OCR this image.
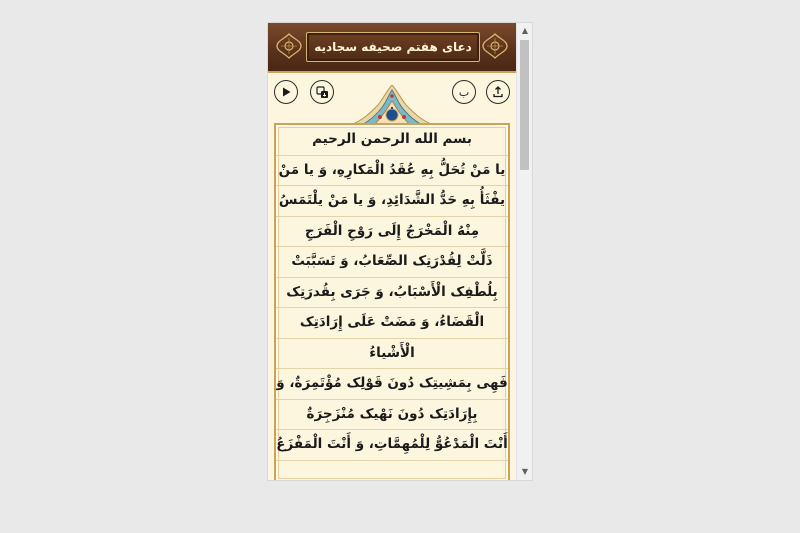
دعای هفتم صحیفه سجادیه
ب
بسم الله الرحمن الرحیم
يا مَنْ تُحَلُّ بِهِ عُقَدُ الْمَكارِهِ، وَ يا مَنْ
يفْثَأُ بِهِ حَدُّ الشَّدَائِدِ، وَ يا مَنْ يلْتَمَسُ
مِنْهُ الْمَخْرَجُ إِلَى رَوْحِ الْفَرَجِ
ذَلَّتْ لِقُدْرَتِک الصِّعَابُ، وَ تَسَبَّبَتْ
بِلُطْفِک الْأَسْبَابُ، وَ جَرَى بِقُدرَتِک
الْقَضَاءُ، وَ مَضَتْ عَلَى إِرَادَتِک
الْأَشْياءُ
فَهِی بِمَشِيتِک دُونَ قَوْلِک مُؤْتَمِرَةٌ، وَ
بِإِرَادَتِک دُونَ نَهْيک مُنْزَجِرَةٌ
أَنْتَ الْمَدْعُوُّ لِلْمُهِمَّاتِ، وَ أَنْتَ الْمَفْزَعُ
▲
▼
